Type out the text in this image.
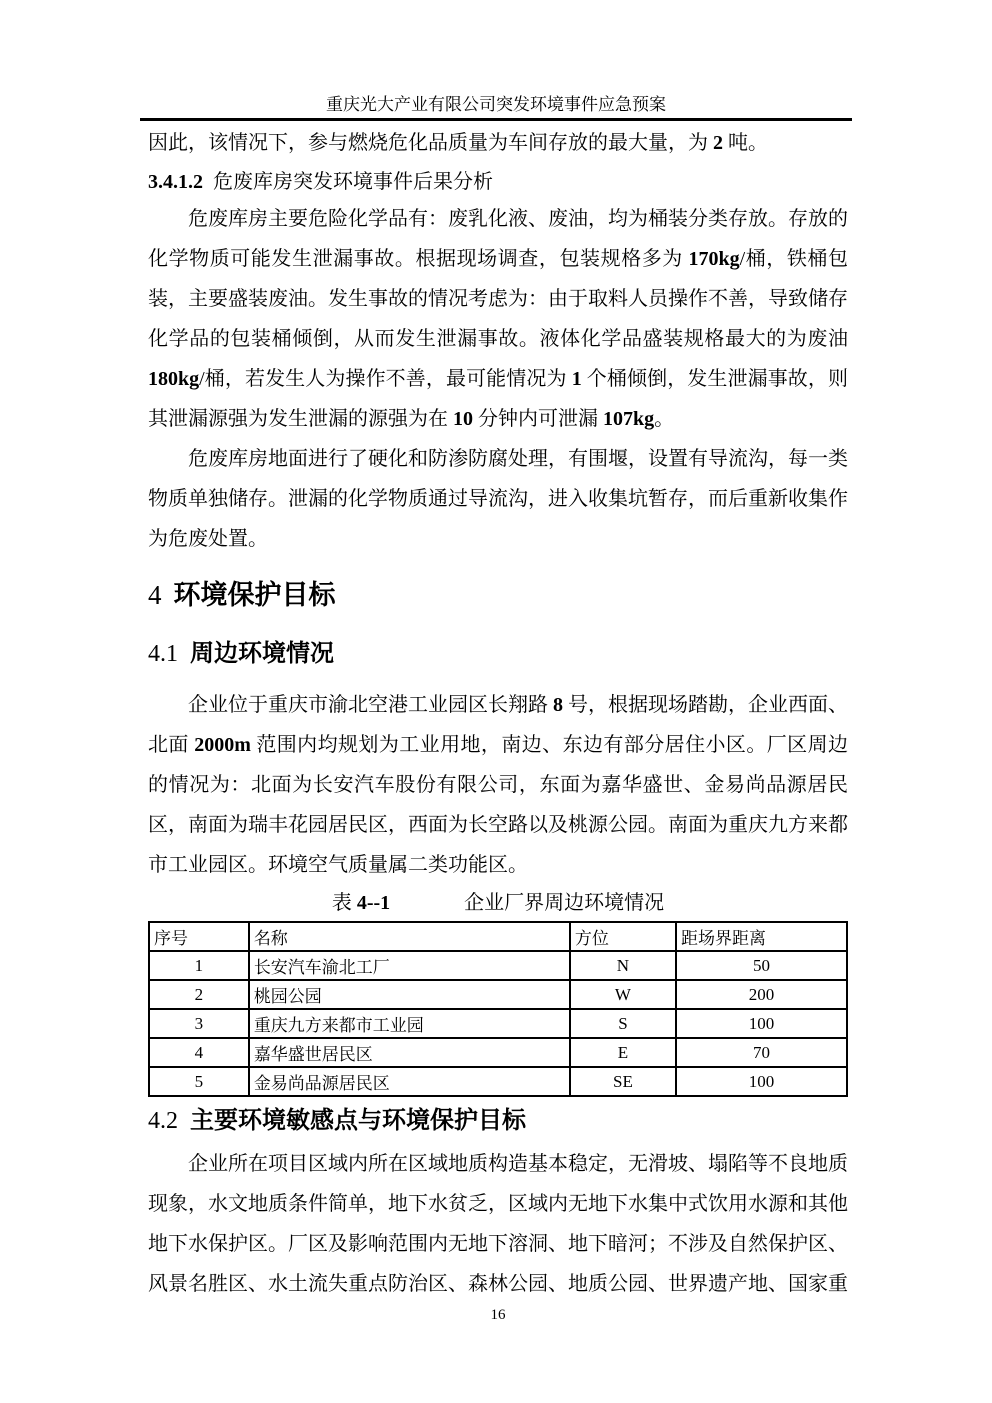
重庆光大产业有限公司突发环境事件应急预案

因此，该情况下，参与燃烧危化品质量为车间存放的最大量，为 2 吨。

3.4.1.2 危废库房突发环境事件后果分析

危废库房主要危险化学品有：废乳化液、废油，均为桶装分类存放。存放的化学物质可能发生泄漏事故。根据现场调查，包装规格多为 170kg/桶，铁桶包装，主要盛装废油。发生事故的情况考虑为：由于取料人员操作不善，导致储存化学品的包装桶倾倒，从而发生泄漏事故。液体化学品盛装规格最大的为废油 180kg/桶，若发生人为操作不善，最可能情况为 1 个桶倾倒，发生泄漏事故，则其泄漏源强为发生泄漏的源强为在 10 分钟内可泄漏 107kg。

危废库房地面进行了硬化和防渗防腐处理，有围堰，设置有导流沟，每一类物质单独储存。泄漏的化学物质通过导流沟，进入收集坑暂存，而后重新收集作为危废处置。

4 环境保护目标
4.1 周边环境情况

企业位于重庆市渝北空港工业园区长翔路 8 号，根据现场踏勘，企业西面、北面 2000m 范围内均规划为工业用地，南边、东边有部分居住小区。厂区周边的情况为：北面为长安汽车股份有限公司，东面为嘉华盛世、金易尚品源居民区，南面为瑞丰花园居民区，西面为长空路以及桃源公园。南面为重庆九方来都市工业园区。环境空气质量属二类功能区。

表 4--1	企业厂界周边环境情况
序号	名称	方位	距场界距离
1	长安汽车渝北工厂	N	50
2	桃园公园	W	200
3	重庆九方来都市工业园	S	100
4	嘉华盛世居民区	E	70
5	金易尚品源居民区	SE	100
4.2 主要环境敏感点与环境保护目标

企业所在项目区域内所在区域地质构造基本稳定，无滑坡、塌陷等不良地质现象，水文地质条件简单，地下水贫乏，区域内无地下水集中式饮用水源和其他地下水保护区。厂区及影响范围内无地下溶洞、地下暗河；不涉及自然保护区、风景名胜区、水土流失重点防治区、森林公园、地质公园、世界遗产地、国家重

16
